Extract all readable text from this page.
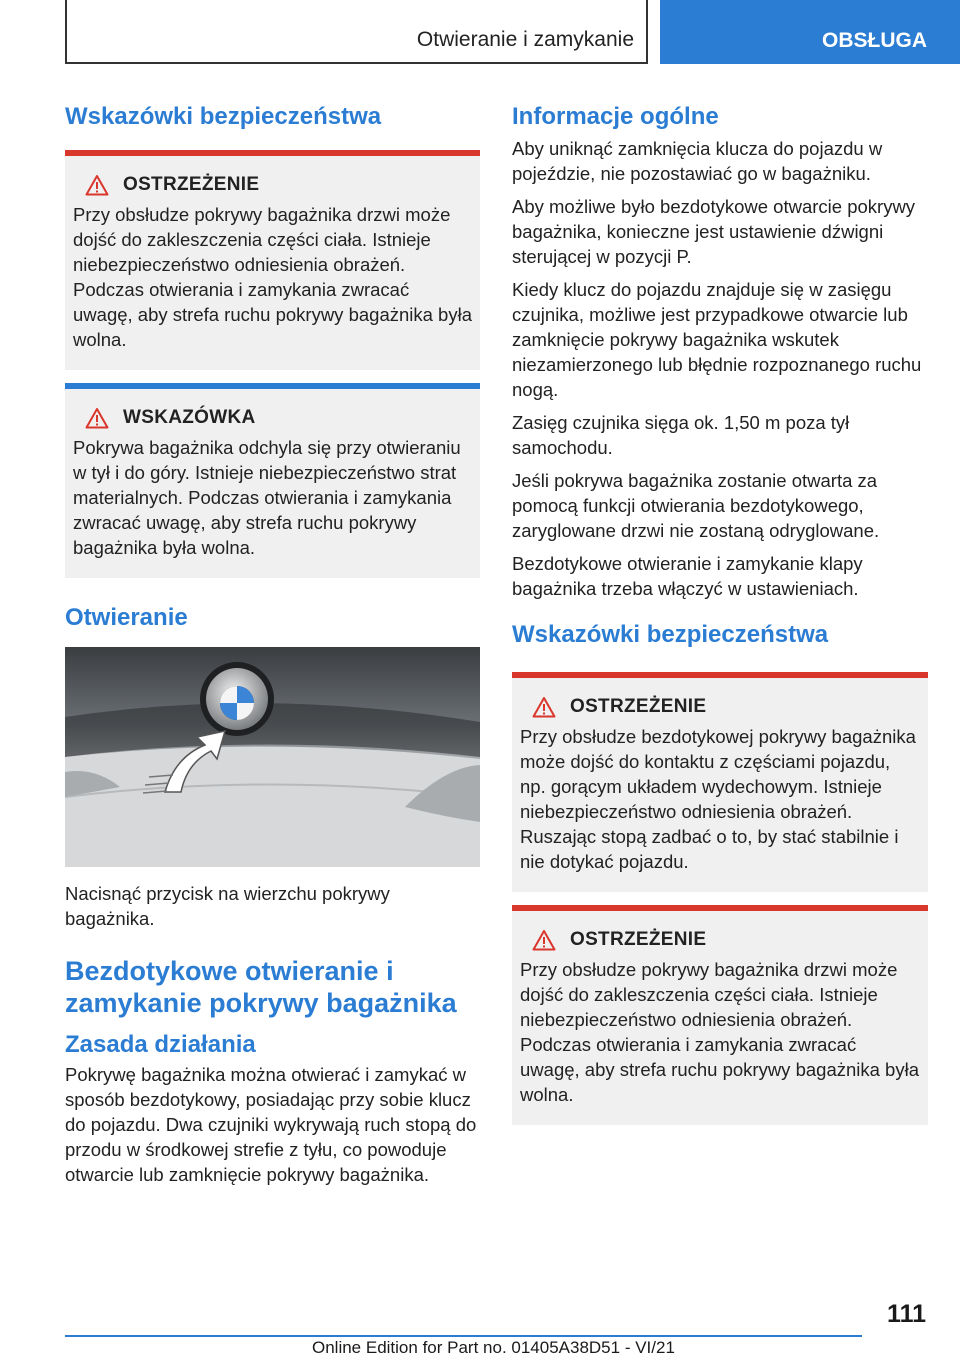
Otwieranie i zamykanie	OBSŁUGA
Wskazówki bezpieczeństwa
OSTRZEŻENIE

Przy obsłudze pokrywy bagażnika drzwi może dojść do zakleszczenia części ciała. Istnieje niebezpieczeństwo odniesienia obrażeń. Podczas otwierania i zamykania zwracać uwagę, aby strefa ruchu pokrywy bagażnika była wolna.

WSKAZÓWKA

Pokrywa bagażnika odchyla się przy otwieraniu w tył i do góry. Istnieje niebezpieczeństwo strat materialnych. Podczas otwierania i zamykania zwracać uwagę, aby strefa ruchu pokrywy bagażnika była wolna.

Otwieranie

Nacisnąć przycisk na wierzchu pokrywy bagażnika.

Bezdotykowe otwieranie i zamykanie pokrywy bagażnika
Zasada działania

Pokrywę bagażnika można otwierać i zamykać w sposób bezdotykowy, posiadając przy sobie klucz do pojazdu. Dwa czujniki wykrywają ruch stopą do przodu w środkowej strefie z tyłu, co powoduje otwarcie lub zamknięcie pokrywy bagażnika.

Informacje ogólne

Aby uniknąć zamknięcia klucza do pojazdu w pojeździe, nie pozostawiać go w bagażniku.

Aby możliwe było bezdotykowe otwarcie pokrywy bagażnika, konieczne jest ustawienie dźwigni sterującej w pozycji P.

Kiedy klucz do pojazdu znajduje się w zasięgu czujnika, możliwe jest przypadkowe otwarcie lub zamknięcie pokrywy bagażnika wskutek niezamierzonego lub błędnie rozpoznanego ruchu nogą.

Zasięg czujnika sięga ok. 1,50 m poza tył samochodu.

Jeśli pokrywa bagażnika zostanie otwarta za pomocą funkcji otwierania bezdotykowego, zaryglowane drzwi nie zostaną odryglowane.

Bezdotykowe otwieranie i zamykanie klapy bagażnika trzeba włączyć w ustawieniach.

Wskazówki bezpieczeństwa
OSTRZEŻENIE

Przy obsłudze bezdotykowej pokrywy bagażnika może dojść do kontaktu z częściami pojazdu, np. gorącym układem wydechowym. Istnieje niebezpieczeństwo odniesienia obrażeń. Ruszając stopą zadbać o to, by stać stabilnie i nie dotykać pojazdu.

OSTRZEŻENIE

Przy obsłudze pokrywy bagażnika drzwi może dojść do zakleszczenia części ciała. Istnieje niebezpieczeństwo odniesienia obrażeń. Podczas otwierania i zamykania zwracać uwagę, aby strefa ruchu pokrywy bagażnika była wolna.

111
Online Edition for Part no. 01405A38D51 - VI/21
